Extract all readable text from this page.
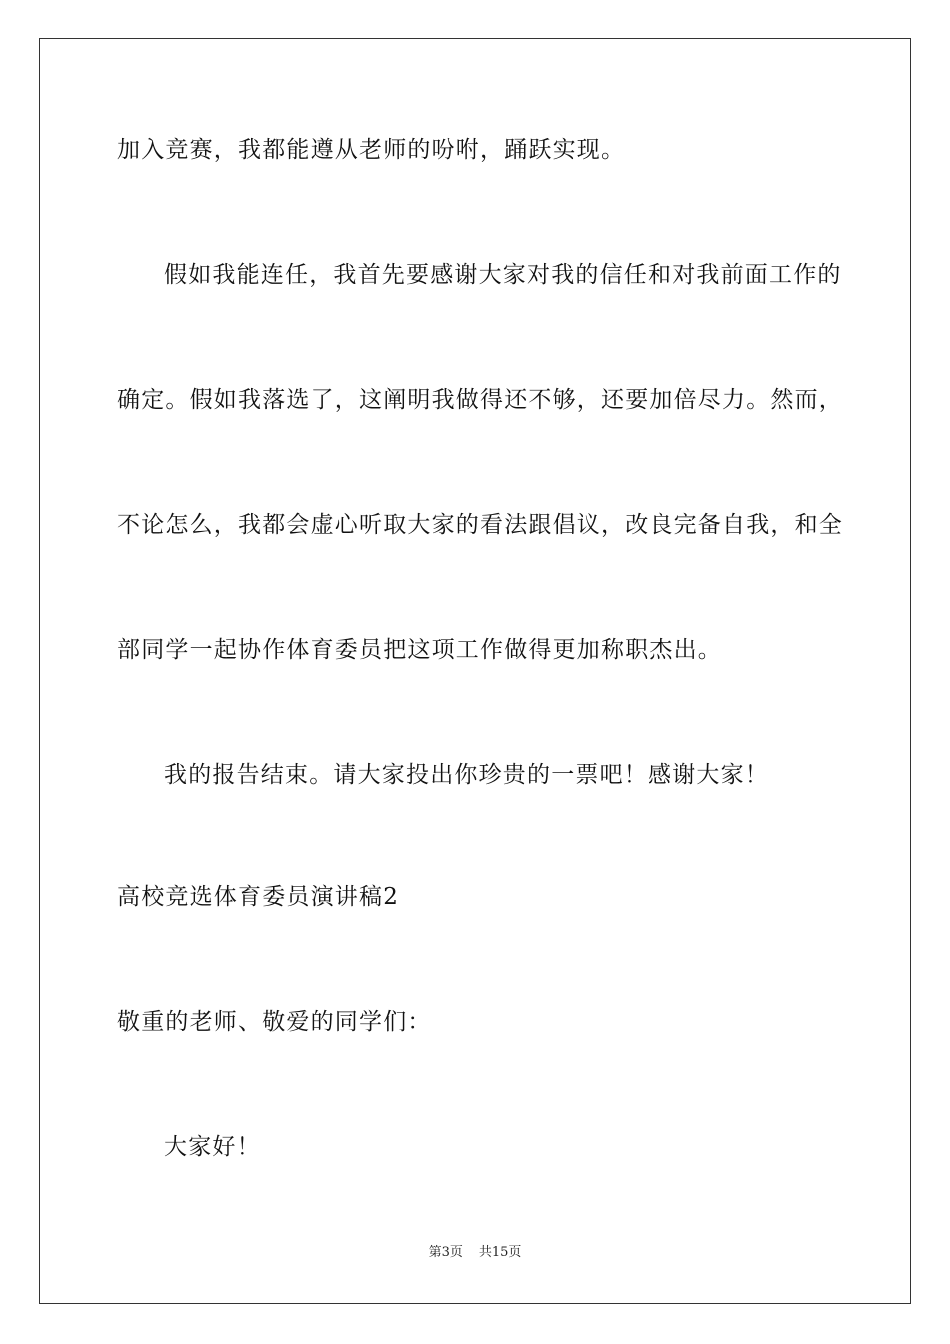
加入竞赛，我都能遵从老师的吩咐，踊跃实现。
假如我能连任，我首先要感谢大家对我的信任和对我前面工作的
确定。假如我落选了，这阐明我做得还不够，还要加倍尽力。然而，
不论怎么，我都会虚心听取大家的看法跟倡议，改良完备自我，和全
部同学一起协作体育委员把这项工作做得更加称职杰出。
我的报告结束。请大家投出你珍贵的一票吧！感谢大家！
高校竞选体育委员演讲稿2
敬重的老师、敬爱的同学们：
大家好！
第3页 共15页
